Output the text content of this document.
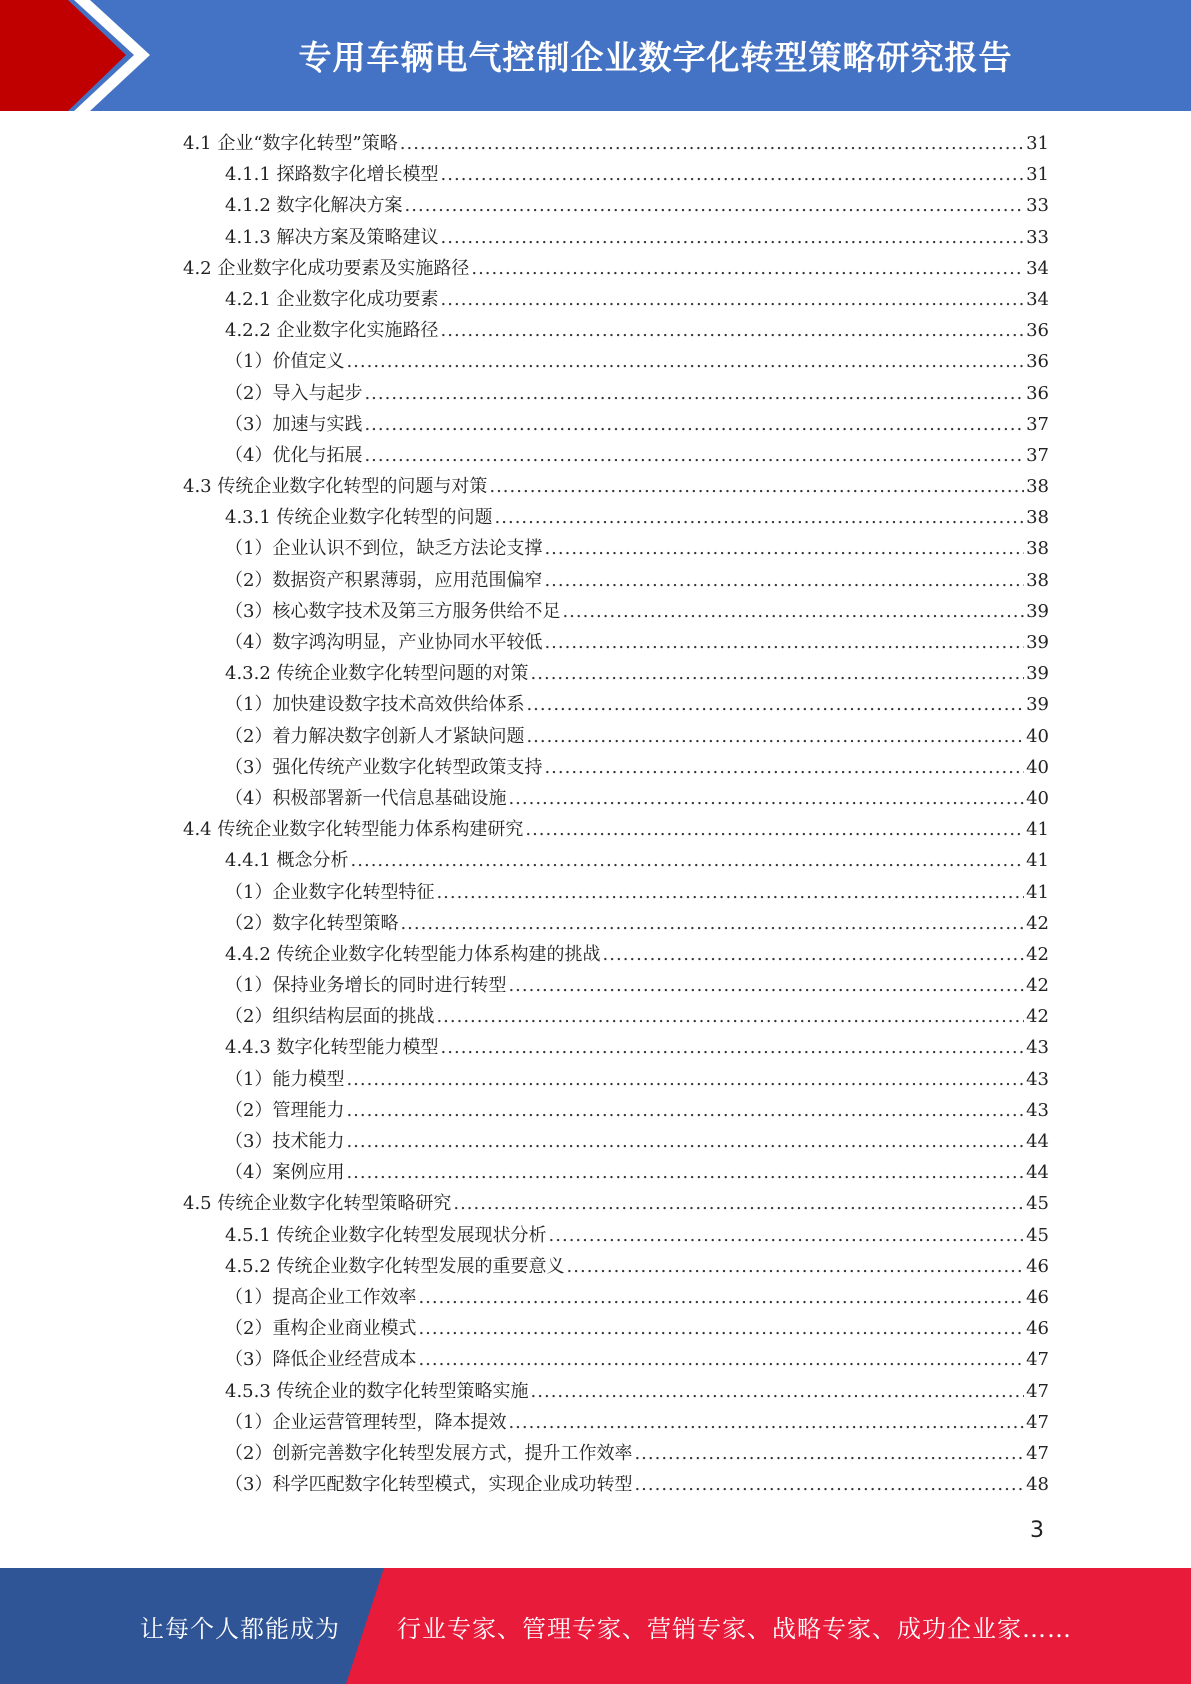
专用车辆电气控制企业数字化转型策略研究报告
4.1 企业“数字化转型”策略 .....	31
4.1.1 探路数字化增长模型 .....	31
4.1.2 数字化解决方案 .....	33
4.1.3 解决方案及策略建议 .....	33
4.2 企业数字化成功要素及实施路径 .....	34
4.2.1 企业数字化成功要素 .....	34
4.2.2 企业数字化实施路径 .....	36
（1）价值定义 .....	36
（2）导入与起步 .....	36
（3）加速与实践 .....	37
（4）优化与拓展 .....	37
4.3 传统企业数字化转型的问题与对策 .....	38
4.3.1 传统企业数字化转型的问题 .....	38
（1）企业认识不到位，缺乏方法论支撑 .....	38
（2）数据资产积累薄弱，应用范围偏窄 .....	38
（3）核心数字技术及第三方服务供给不足 .....	39
（4）数字鸿沟明显，产业协同水平较低 .....	39
4.3.2 传统企业数字化转型问题的对策 .....	39
（1）加快建设数字技术高效供给体系 .....	39
（2）着力解决数字创新人才紧缺问题 .....	40
（3）强化传统产业数字化转型政策支持 .....	40
（4）积极部署新一代信息基础设施 .....	40
4.4 传统企业数字化转型能力体系构建研究 .....	41
4.4.1 概念分析 .....	41
（1）企业数字化转型特征 .....	41
（2）数字化转型策略 .....	42
4.4.2 传统企业数字化转型能力体系构建的挑战 .....	42
（1）保持业务增长的同时进行转型 .....	42
（2）组织结构层面的挑战 .....	42
4.4.3 数字化转型能力模型 .....	43
（1）能力模型 .....	43
（2）管理能力 .....	43
（3）技术能力 .....	44
（4）案例应用 .....	44
4.5 传统企业数字化转型策略研究 .....	45
4.5.1 传统企业数字化转型发展现状分析 .....	45
4.5.2 传统企业数字化转型发展的重要意义 .....	46
（1）提高企业工作效率 .....	46
（2）重构企业商业模式 .....	46
（3）降低企业经营成本 .....	47
4.5.3 传统企业的数字化转型策略实施 .....	47
（1）企业运营管理转型，降本提效 .....	47
（2）创新完善数字化转型发展方式，提升工作效率 .....	47
（3）科学匹配数字化转型模式，实现企业成功转型 .....	48
3
让每个人都能成为	行业专家、管理专家、营销专家、战略专家、成功企业家……
